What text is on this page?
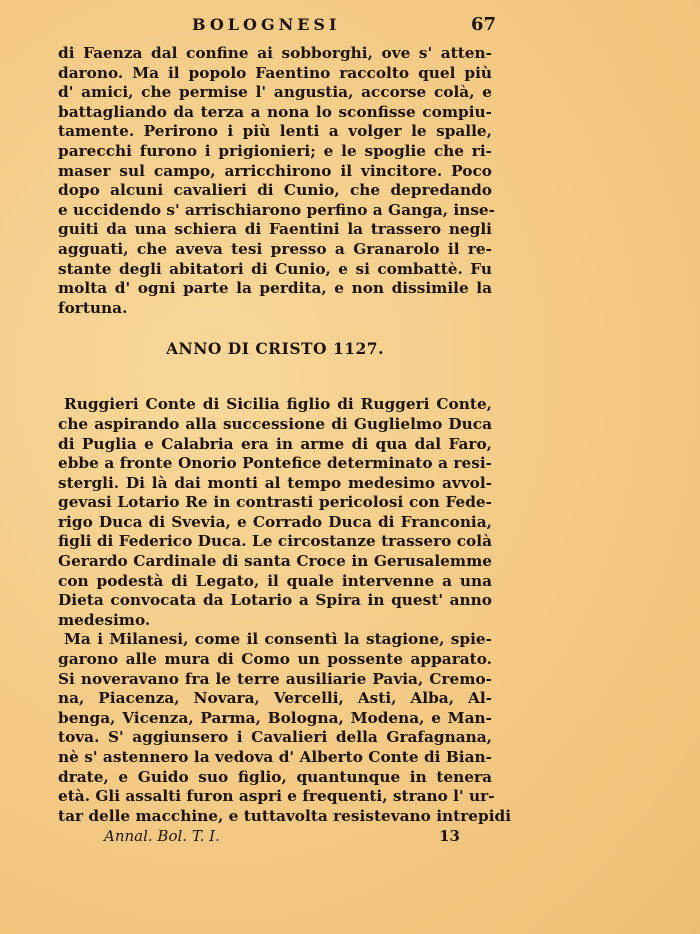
BOLOGNESI	67

di Faenza dal confine ai sobborghi, ove s' atten-
darono. Ma il popolo Faentino raccolto quel più
d' amici, che permise l' angustia, accorse colà, e
battagliando da terza a nona lo sconfisse compiu-
tamente. Perirono i più lenti a volger le spalle,
parecchi furono i prigionieri; e le spoglie che ri-
maser sul campo, arricchirono il vincitore. Poco
dopo alcuni cavalieri di Cunio, che depredando
e uccidendo s' arrischiarono perfino a Ganga, inse-
guiti da una schiera di Faentini la trassero negli
agguati, che aveva tesi presso a Granarolo il re-
stante degli abitatori di Cunio, e si combattè. Fu
molta d' ogni parte la perdita, e non dissimile la
fortuna.

ANNO DI CRISTO 1127.

Ruggieri Conte di Sicilia figlio di Ruggeri Conte,
che aspirando alla successione di Guglielmo Duca
di Puglia e Calabria era in arme di qua dal Faro,
ebbe a fronte Onorio Pontefice determinato a resi-
stergli. Di là dai monti al tempo medesimo avvol-
gevasi Lotario Re in contrasti pericolosi con Fede-
rigo Duca di Svevia, e Corrado Duca di Franconia,
figli di Federico Duca. Le circostanze trassero colà
Gerardo Cardinale di santa Croce in Gerusalemme
con podestà di Legato, il quale intervenne a una
Dieta convocata da Lotario a Spira in quest' anno
medesimo.

Ma i Milanesi, come il consentì la stagione, spie-
garono alle mura di Como un possente apparato.
Si noveravano fra le terre ausiliarie Pavia, Cremo-
na, Piacenza, Novara, Vercelli, Asti, Alba, Al-
benga, Vicenza, Parma, Bologna, Modena, e Man-
tova. S' aggiunsero i Cavalieri della Grafagnana,
nè s' astennero la vedova d' Alberto Conte di Bian-
drate, e Guido suo figlio, quantunque in tenera
età. Gli assalti furon aspri e frequenti, strano l' ur-
tar delle macchine, e tuttavolta resistevano intrepidi

Annal. Bol. T. I.	13
